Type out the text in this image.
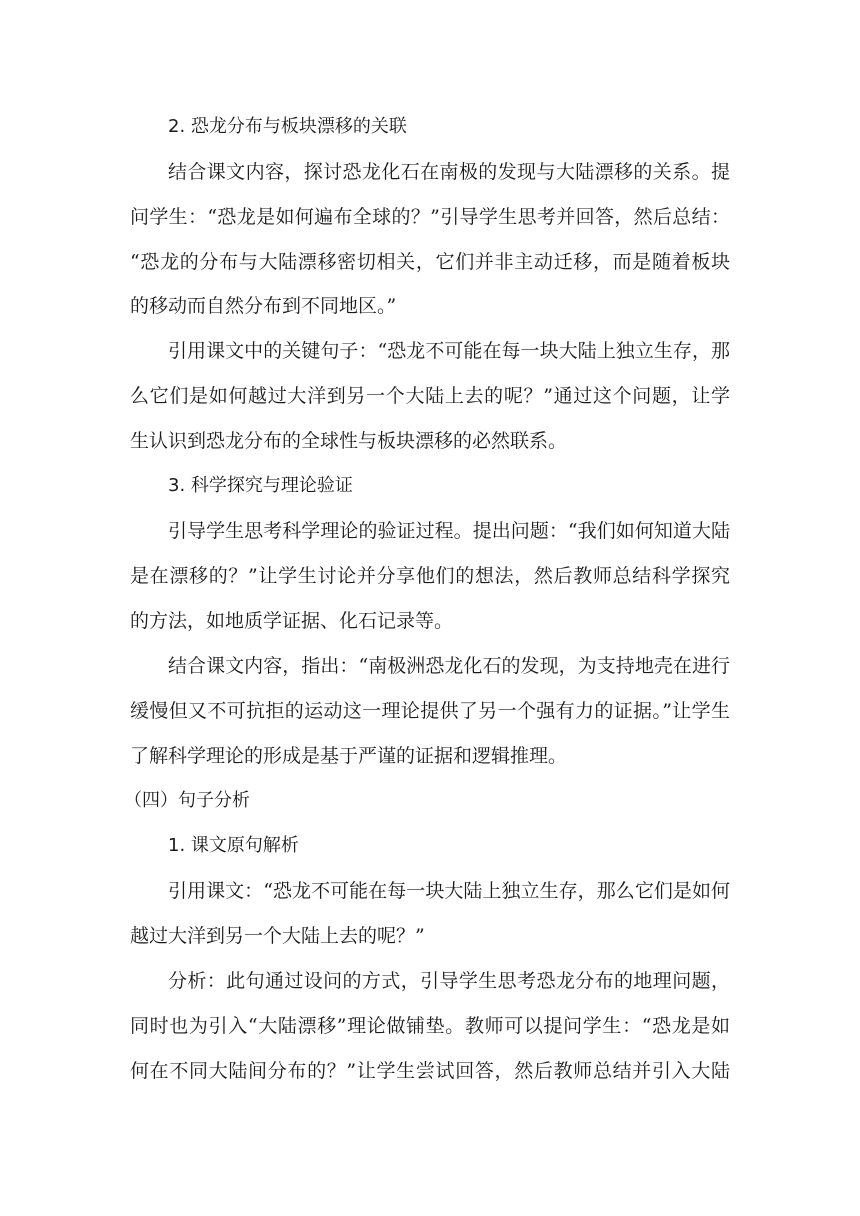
2. 恐龙分布与板块漂移的关联
结合课文内容，探讨恐龙化石在南极的发现与大陆漂移的关系。提
问学生：“恐龙是如何遍布全球的？”引导学生思考并回答，然后总结：
“恐龙的分布与大陆漂移密切相关，它们并非主动迁移，而是随着板块
的移动而自然分布到不同地区。”
引用课文中的关键句子：“恐龙不可能在每一块大陆上独立生存，那
么它们是如何越过大洋到另一个大陆上去的呢？”通过这个问题，让学
生认识到恐龙分布的全球性与板块漂移的必然联系。
3. 科学探究与理论验证
引导学生思考科学理论的验证过程。提出问题：“我们如何知道大陆
是在漂移的？”让学生讨论并分享他们的想法，然后教师总结科学探究
的方法，如地质学证据、化石记录等。
结合课文内容，指出：“南极洲恐龙化石的发现，为支持地壳在进行
缓慢但又不可抗拒的运动这一理论提供了另一个强有力的证据。”让学生
了解科学理论的形成是基于严谨的证据和逻辑推理。
（四）句子分析
1. 课文原句解析
引用课文：“恐龙不可能在每一块大陆上独立生存，那么它们是如何
越过大洋到另一个大陆上去的呢？”
分析：此句通过设问的方式，引导学生思考恐龙分布的地理问题，
同时也为引入“大陆漂移”理论做铺垫。教师可以提问学生：“恐龙是如
何在不同大陆间分布的？”让学生尝试回答，然后教师总结并引入大陆
